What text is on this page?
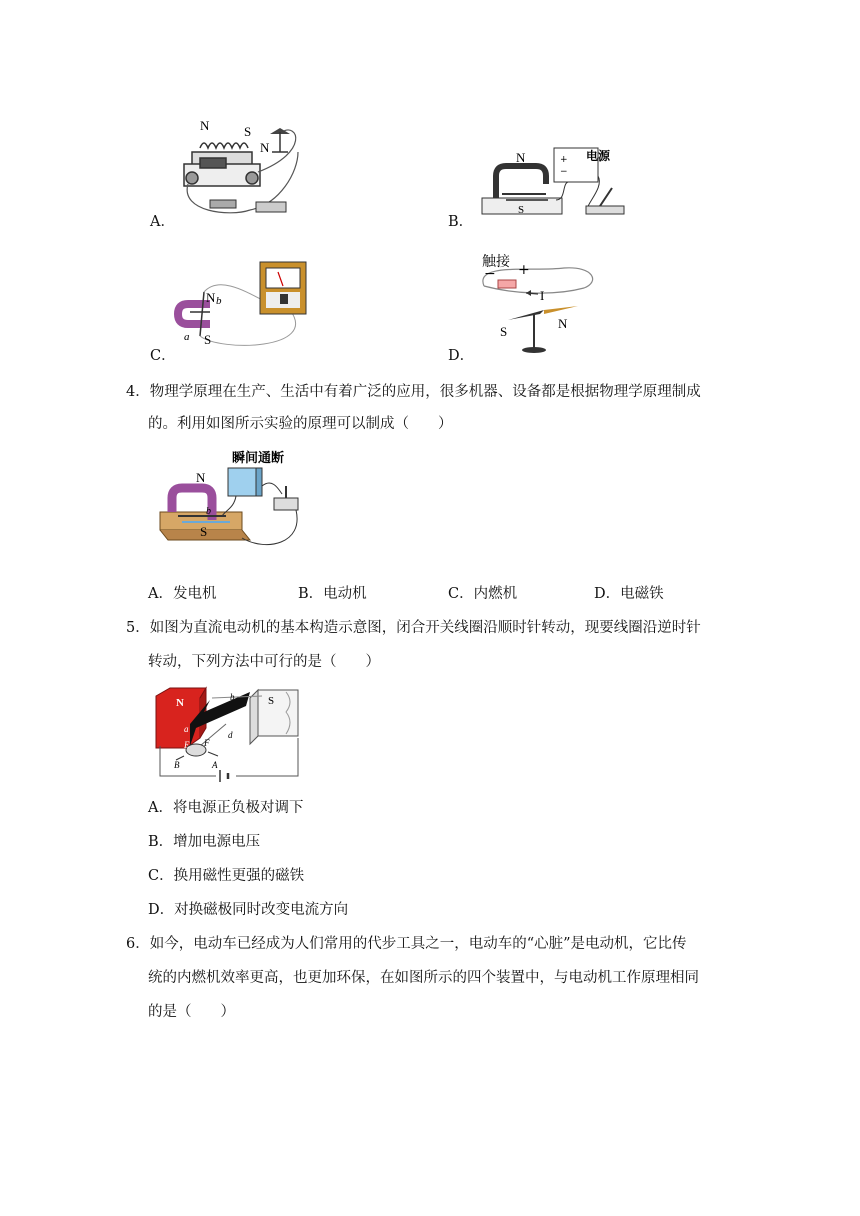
N	S
N
A．
+
−
N
S
电源
B．
N
S
a
b
C．
触接
− +
I
S
N
D．
4．物理学原理在生产、生活中有着广泛的应用，很多机器、设备都是根据物理学原理制成
的。利用如图所示实验的原理可以制成（　　）
瞬间通断
N
S
b
A．发电机	B．电动机	C．内燃机	D．电磁铁
5．如图为直流电动机的基本构造示意图，闭合开关线圈沿顺时针转动，现要线圈沿逆时针
转动，下列方法中可行的是（　　）
N	S
a
b
d
E F
A
B
A．将电源正负极对调下
B．增加电源电压
C．换用磁性更强的磁铁
D．对换磁极同时改变电流方向
6．如今，电动车已经成为人们常用的代步工具之一，电动车的“心脏”是电动机，它比传
统的内燃机效率更高，也更加环保，在如图所示的四个装置中，与电动机工作原理相同
的是（　　）
